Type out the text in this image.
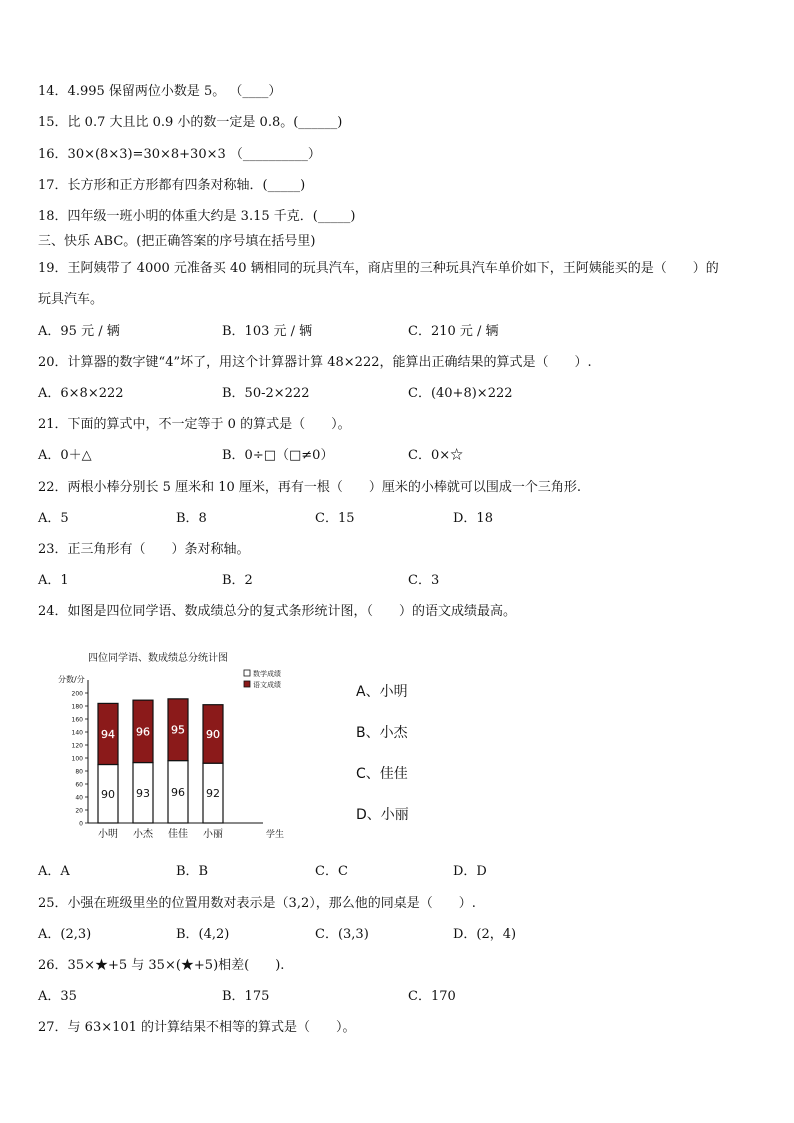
14．4.995 保留两位小数是 5。 （____）
15．比 0.7 大且比 0.9 小的数一定是 0.8。(______)
16．30×(8×3)=30×8+30×3 （__________）
17．长方形和正方形都有四条对称轴．(_____)
18．四年级一班小明的体重大约是 3.15 千克．(_____)
三、快乐 ABC。(把正确答案的序号填在括号里)
19．王阿姨带了 4000 元准备买 40 辆相同的玩具汽车，商店里的三种玩具汽车单价如下，王阿姨能买的是（　　）的
玩具汽车。
A．95 元 / 辆	B．103 元 / 辆	C．210 元 / 辆
20．计算器的数字键“4”坏了，用这个计算器计算 48×222，能算出正确结果的算式是（　　）.
A．6×8×222	B．50-2×222	C．(40+8)×222
21．下面的算式中，不一定等于 0 的算式是（　　）。
A．0＋△	B．0÷□（□≠0）	C．0×☆
22．两根小棒分别长 5 厘米和 10 厘米，再有一根（　　）厘米的小棒就可以围成一个三角形.
A．5	B．8	C．15	D．18
23．正三角形有（　　）条对称轴。
A．1	B．2	C．3
24．如图是四位同学语、数成绩总分的复式条形统计图，（　　）的语文成绩最高。
四位同学语、数成绩总分统计图
分数/分
0
20
40
60
80
100
120
140
160
180
200
学生
数学成绩
语文成绩
90
94
小明
93
96
小杰
96
95
佳佳
92
90
小丽
A、小明
B、小杰
C、佳佳
D、小丽
A．A	B．B	C．C	D．D
25．小强在班级里坐的位置用数对表示是（3,2），那么他的同桌是（　　）.
A．(2,3)	B．(4,2)	C．(3,3)	D．(2，4)
26．35×★+5 与 35×(★+5)相差(　　).
A．35	B．175	C．170
27．与 63×101 的计算结果不相等的算式是（　　）。
